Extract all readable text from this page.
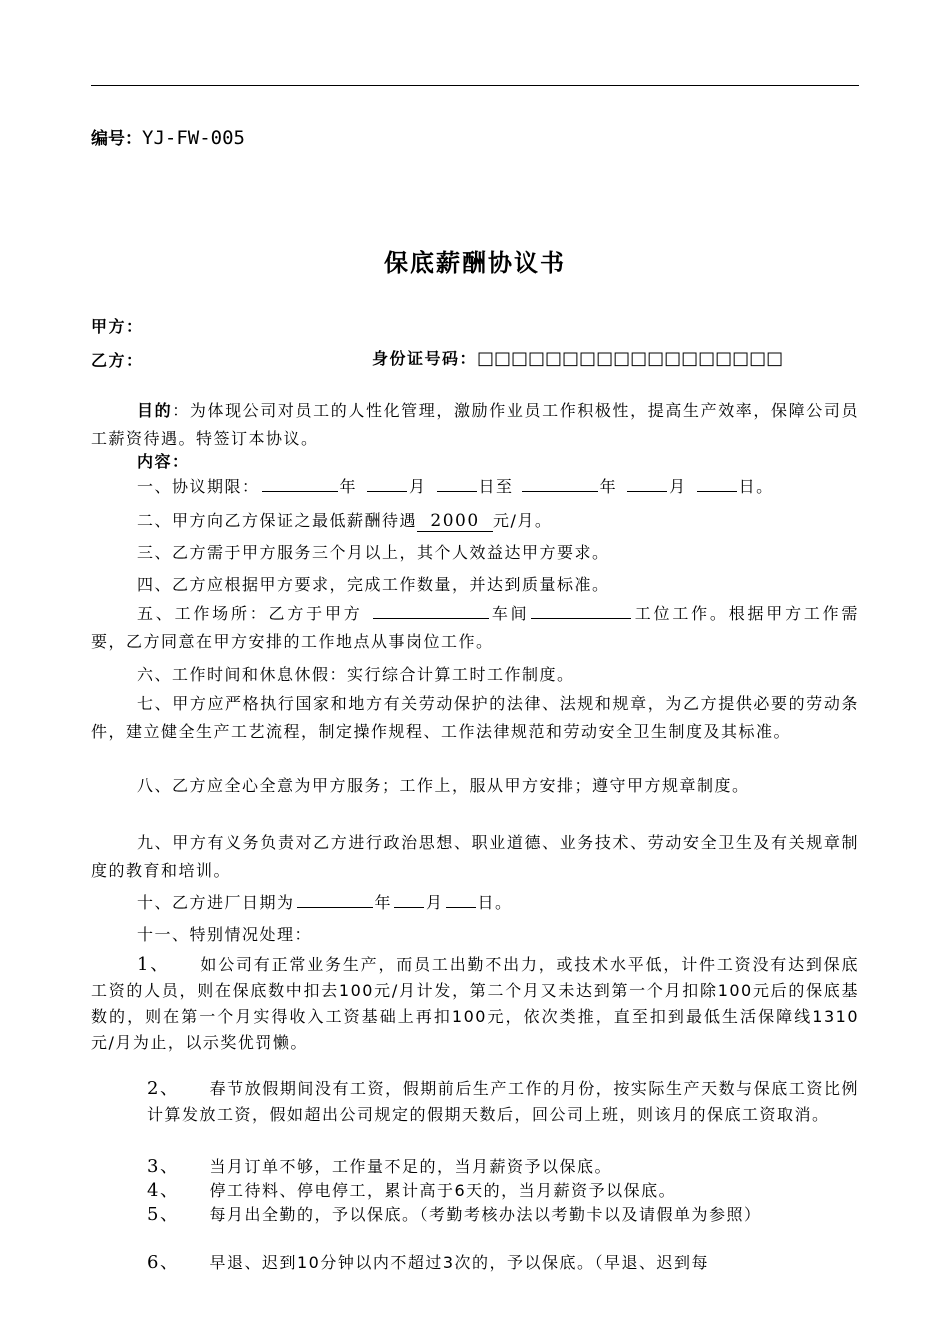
编号：YJ-FW-005
保底薪酬协议书
甲方：
乙方：	身份证号码：□□□□□□□□□□□□□□□□□□
目的：为体现公司对员工的人性化管理，激励作业员工作积极性，提高生产效率，保障公司员工薪资待遇。特签订本协议。
内容：
一、协议期限：	年	月	日至	年	月	日。
二、甲方向乙方保证之最低薪酬待遇 2000 元/月。
三、乙方需于甲方服务三个月以上，其个人效益达甲方要求。
四、乙方应根据甲方要求，完成工作数量，并达到质量标准。
五、工作场所：乙方于甲方	车间	工位工作。根据甲方工作需要，乙方同意在甲方安排的工作地点从事岗位工作。
六、工作时间和休息休假：实行综合计算工时工作制度。
七、甲方应严格执行国家和地方有关劳动保护的法律、法规和规章，为乙方提供必要的劳动条件，建立健全生产工艺流程，制定操作规程、工作法律规范和劳动安全卫生制度及其标准。
八、乙方应全心全意为甲方服务；工作上，服从甲方安排；遵守甲方规章制度。
九、甲方有义务负责对乙方进行政治思想、职业道德、业务技术、劳动安全卫生及有关规章制度的教育和培训。
十、乙方进厂日期为	年 月 日。
十一、特别情况处理：
1、 如公司有正常业务生产，而员工出勤不出力，或技术水平低，计件工资没有达到保底工资的人员，则在保底数中扣去100元/月计发，第二个月又未达到第一个月扣除100元后的保底基数的，则在第一个月实得收入工资基础上再扣100元，依次类推，直至扣到最低生活保障线1310元/月为止，以示奖优罚懒。
2、 春节放假期间没有工资，假期前后生产工作的月份，按实际生产天数与保底工资比例计算发放工资，假如超出公司规定的假期天数后，回公司上班，则该月的保底工资取消。
3、 当月订单不够，工作量不足的，当月薪资予以保底。
4、 停工待料、停电停工，累计高于6天的，当月薪资予以保底。
5、 每月出全勤的，予以保底。（考勤考核办法以考勤卡以及请假单为参照）
6、 早退、迟到10分钟以内不超过3次的，予以保底。（早退、迟到每
